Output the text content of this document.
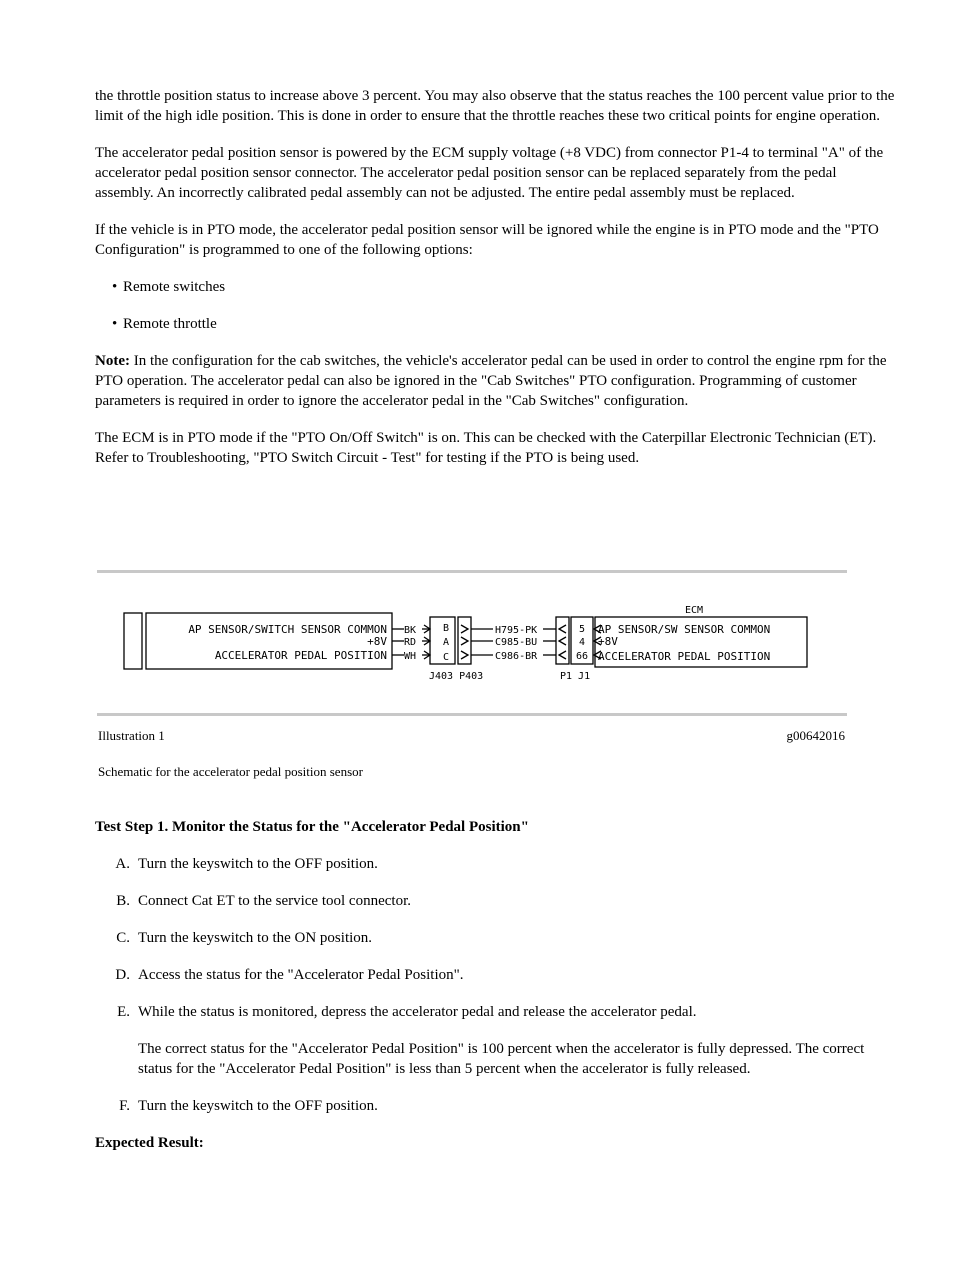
the throttle position status to increase above 3 percent. You may also observe that the status reaches the 100 percent value prior to the limit of the high idle position. This is done in order to ensure that the throttle reaches these two critical points for engine operation.

The accelerator pedal position sensor is powered by the ECM supply voltage (+8 VDC) from connector P1-4 to terminal "A" of the accelerator pedal position sensor connector. The accelerator pedal position sensor can be replaced separately from the pedal assembly. An incorrectly calibrated pedal assembly can not be adjusted. The entire pedal assembly must be replaced.

If the vehicle is in PTO mode, the accelerator pedal position sensor will be ignored while the engine is in PTO mode and the "PTO Configuration" is programmed to one of the following options:

• Remote switches
• Remote throttle

Note: In the configuration for the cab switches, the vehicle's accelerator pedal can be used in order to control the engine rpm for the PTO operation. The accelerator pedal can also be ignored in the "Cab Switches" PTO configuration. Programming of customer parameters is required in order to ignore the accelerator pedal in the "Cab Switches" configuration.

The ECM is in PTO mode if the "PTO On/Off Switch" is on. This can be checked with the Caterpillar Electronic Technician (ET). Refer to Troubleshooting, "PTO Switch Circuit - Test" for testing if the PTO is being used.

AP SENSOR/SWITCH SENSOR COMMON
+8V
ACCELERATOR PEDAL POSITION
BK
RD
WH
B
A
C
J403 P403
H795-PK
C985-BU
C986-BR
5
4
66
P1 J1
ECM
AP SENSOR/SW SENSOR COMMON
+8V
ACCELERATOR PEDAL POSITION
Illustration 1	g00642016
Schematic for the accelerator pedal position sensor

Test Step 1. Monitor the Status for the "Accelerator Pedal Position"

A. Turn the keyswitch to the OFF position.
B. Connect Cat ET to the service tool connector.
C. Turn the keyswitch to the ON position.
D. Access the status for the "Accelerator Pedal Position".
E. While the status is monitored, depress the accelerator pedal and release the accelerator pedal.

The correct status for the "Accelerator Pedal Position" is 100 percent when the accelerator is fully depressed. The correct status for the "Accelerator Pedal Position" is less than 5 percent when the accelerator is fully released.

F. Turn the keyswitch to the OFF position.

Expected Result:
